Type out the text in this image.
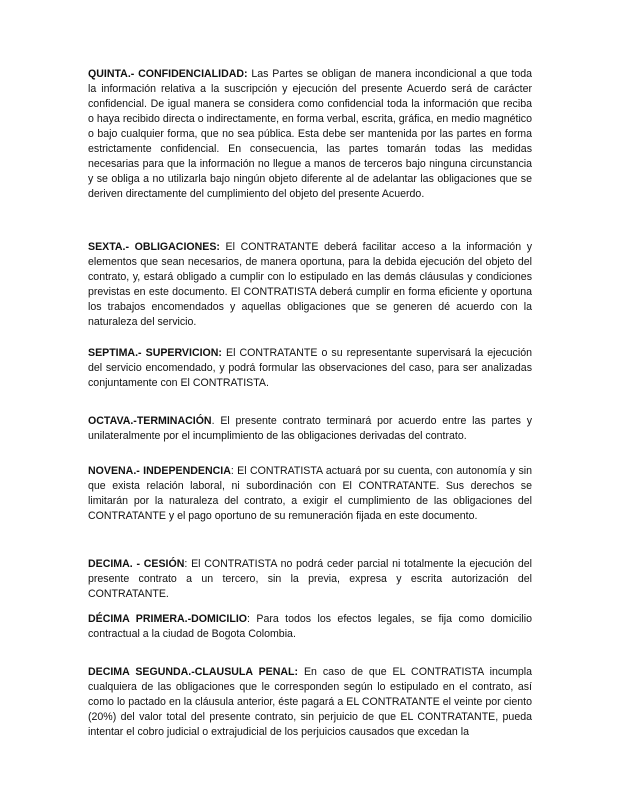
QUINTA.- CONFIDENCIALIDAD: Las Partes se obligan de manera incondicional a que toda la información relativa a la suscripción y ejecución del presente Acuerdo será de carácter confidencial. De igual manera se considera como confidencial toda la información que reciba o haya recibido directa o indirectamente, en forma verbal, escrita, gráfica, en medio magnético o bajo cualquier forma, que no sea pública. Esta debe ser mantenida por las partes en forma estrictamente confidencial. En consecuencia, las partes tomarán todas las medidas necesarias para que la información no llegue a manos de terceros bajo ninguna circunstancia y se obliga a no utilizarla bajo ningún objeto diferente al de adelantar las obligaciones que se deriven directamente del cumplimiento del objeto del presente Acuerdo.

SEXTA.- OBLIGACIONES: El CONTRATANTE deberá facilitar acceso a la información y elementos que sean necesarios, de manera oportuna, para la debida ejecución del objeto del contrato, y, estará obligado a cumplir con lo estipulado en las demás cláusulas y condiciones previstas en este documento. El CONTRATISTA deberá cumplir en forma eficiente y oportuna los trabajos encomendados y aquellas obligaciones que se generen dé acuerdo con la naturaleza del servicio.

SEPTIMA.- SUPERVICION: El CONTRATANTE o su representante supervisará la ejecución del servicio encomendado, y podrá formular las observaciones del caso, para ser analizadas conjuntamente con El CONTRATISTA.

OCTAVA.-TERMINACIÓN. El presente contrato terminará por acuerdo entre las partes y unilateralmente por el incumplimiento de las obligaciones derivadas del contrato.

NOVENA.- INDEPENDENCIA: El CONTRATISTA actuará por su cuenta, con autonomía y sin que exista relación laboral, ni subordinación con El CONTRATANTE. Sus derechos se limitarán por la naturaleza del contrato, a exigir el cumplimiento de las obligaciones del CONTRATANTE y el pago oportuno de su remuneración fijada en este documento.

DECIMA. - CESIÓN: El CONTRATISTA no podrá ceder parcial ni totalmente la ejecución del presente contrato a un tercero, sin la previa, expresa y escrita autorización del CONTRATANTE.

DÉCIMA PRIMERA.-DOMICILIO: Para todos los efectos legales, se fija como domicilio contractual a la ciudad de Bogota Colombia.

DECIMA SEGUNDA.-CLAUSULA PENAL: En caso de que EL CONTRATISTA incumpla cualquiera de las obligaciones que le corresponden según lo estipulado en el contrato, así como lo pactado en la cláusula anterior, éste pagará a EL CONTRATANTE el veinte por ciento (20%) del valor total del presente contrato, sin perjuicio de que EL CONTRATANTE, pueda intentar el cobro judicial o extrajudicial de los perjuicios causados que excedan la
